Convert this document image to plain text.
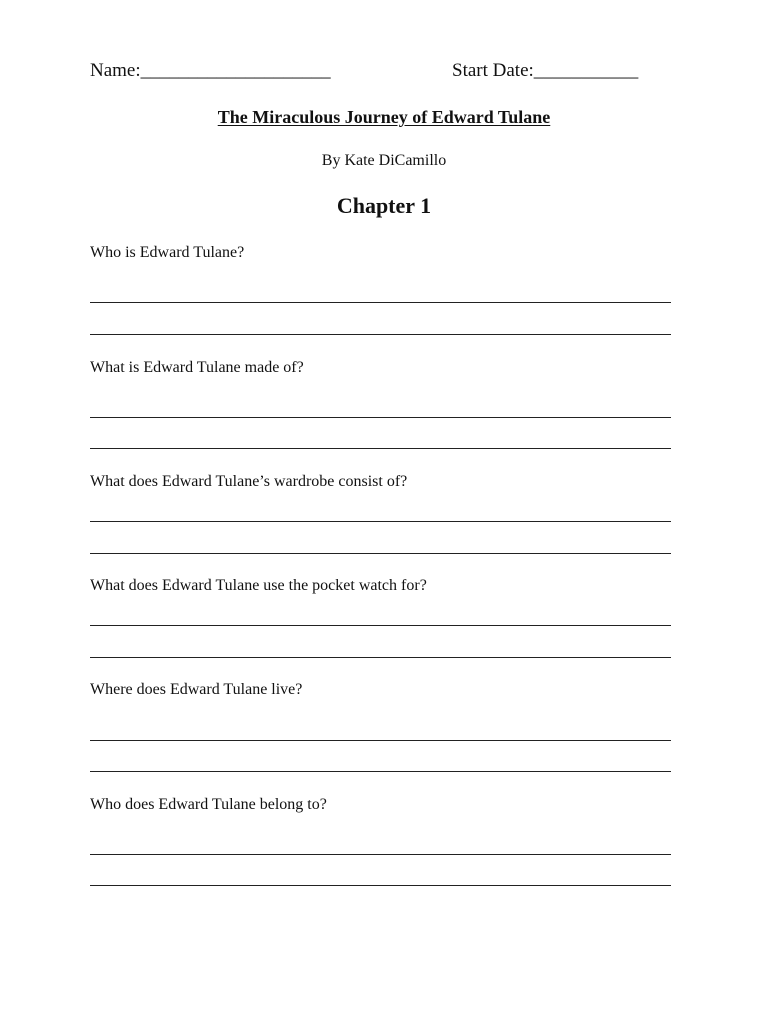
Name:____________________	Start Date:___________
The Miraculous Journey of Edward Tulane
By Kate DiCamillo
Chapter 1
Who is Edward Tulane?
What is Edward Tulane made of?
What does Edward Tulane’s wardrobe consist of?
What does Edward Tulane use the pocket watch for?
Where does Edward Tulane live?
Who does Edward Tulane belong to?
